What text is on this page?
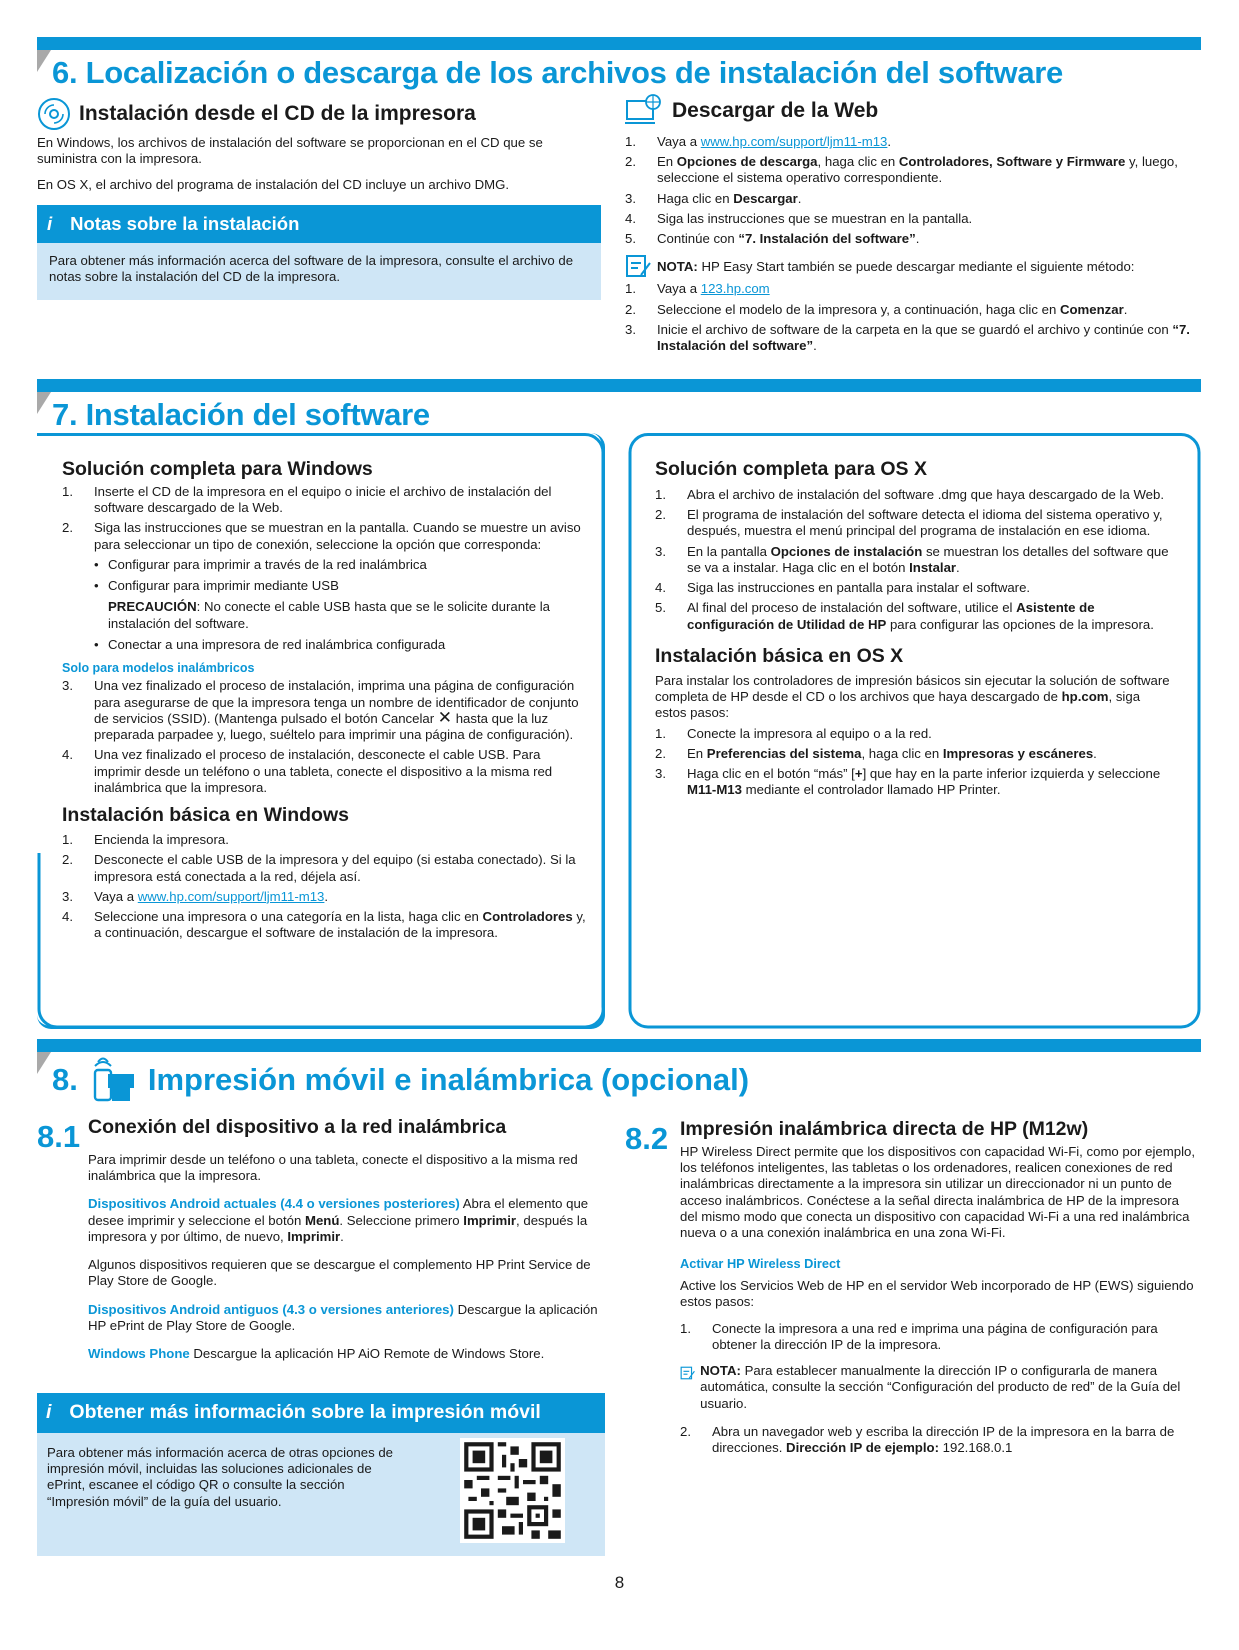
6. Localización o descarga de los archivos de instalación del software
Instalación desde el CD de la impresora

En Windows, los archivos de instalación del software se proporcionan en el CD que se suministra con la impresora.

En OS X, el archivo del programa de instalación del CD incluye un archivo DMG.

i Notas sobre la instalación

Para obtener más información acerca del software de la impresora, consulte el archivo de notas sobre la instalación del CD de la impresora.

Descargar de la Web
1. Vaya a www.hp.com/support/ljm11-m13.
2. En Opciones de descarga, haga clic en Controladores, Software y Firmware y, luego, seleccione el sistema operativo correspondiente.
3. Haga clic en Descargar.
4. Siga las instrucciones que se muestran en la pantalla.
5. Continúe con “7. Instalación del software”.

NOTA: HP Easy Start también se puede descargar mediante el siguiente método:

1. Vaya a 123.hp.com
2. Seleccione el modelo de la impresora y, a continuación, haga clic en Comenzar.
3. Inicie el archivo de software de la carpeta en la que se guardó el archivo y continúe con “7. Instalación del software”.
7. Instalación del software
Solución completa para Windows
1. Inserte el CD de la impresora en el equipo o inicie el archivo de instalación del software descargado de la Web.
2. Siga las instrucciones que se muestran en la pantalla. Cuando se muestre un aviso para seleccionar un tipo de conexión, seleccione la opción que corresponda:
• Configurar para imprimir a través de la red inalámbrica
• Configurar para imprimir mediante USB

PRECAUCIÓN: No conecte el cable USB hasta que se le solicite durante la instalación del software.

• Conectar a una impresora de red inalámbrica configurada

Solo para modelos inalámbricos

3. Una vez finalizado el proceso de instalación, imprima una página de configuración para asegurarse de que la impresora tenga un nombre de identificador de conjunto de servicios (SSID). (Mantenga pulsado el botón Cancelar ✕ hasta que la luz preparada parpadee y, luego, suéltelo para imprimir una página de configuración).
4. Una vez finalizado el proceso de instalación, desconecte el cable USB. Para imprimir desde un teléfono o una tableta, conecte el dispositivo a la misma red inalámbrica que la impresora.
Instalación básica en Windows
1. Encienda la impresora.
2. Desconecte el cable USB de la impresora y del equipo (si estaba conectado). Si la impresora está conectada a la red, déjela así.
3. Vaya a www.hp.com/support/ljm11-m13.
4. Seleccione una impresora o una categoría en la lista, haga clic en Controladores y, a continuación, descargue el software de instalación de la impresora.
Solución completa para OS X
1. Abra el archivo de instalación del software .dmg que haya descargado de la Web.
2. El programa de instalación del software detecta el idioma del sistema operativo y, después, muestra el menú principal del programa de instalación en ese idioma.
3. En la pantalla Opciones de instalación se muestran los detalles del software que se va a instalar. Haga clic en el botón Instalar.
4. Siga las instrucciones en pantalla para instalar el software.
5. Al final del proceso de instalación del software, utilice el Asistente de configuración de Utilidad de HP para configurar las opciones de la impresora.
Instalación básica en OS X

Para instalar los controladores de impresión básicos sin ejecutar la solución de software completa de HP desde el CD o los archivos que haya descargado de hp.com, siga estos pasos:

1. Conecte la impresora al equipo o a la red.
2. En Preferencias del sistema, haga clic en Impresoras y escáneres.
3. Haga clic en el botón “más” [+] que hay en la parte inferior izquierda y seleccione M11-M13 mediante el controlador llamado HP Printer.
8. Impresión móvil e inalámbrica (opcional)
8.1 Conexión del dispositivo a la red inalámbrica

Para imprimir desde un teléfono o una tableta, conecte el dispositivo a la misma red inalámbrica que la impresora.

Dispositivos Android actuales (4.4 o versiones posteriores) Abra el elemento que desee imprimir y seleccione el botón Menú. Seleccione primero Imprimir, después la impresora y por último, de nuevo, Imprimir.

Algunos dispositivos requieren que se descargue el complemento HP Print Service de Play Store de Google.

Dispositivos Android antiguos (4.3 o versiones anteriores) Descargue la aplicación HP ePrint de Play Store de Google.

Windows Phone Descargue la aplicación HP AiO Remote de Windows Store.

i Obtener más información sobre la impresión móvil

Para obtener más información acerca de otras opciones de impresión móvil, incluidas las soluciones adicionales de ePrint, escanee el código QR o consulte la sección “Impresión móvil” de la guía del usuario.

8.2 Impresión inalámbrica directa de HP (M12w)

HP Wireless Direct permite que los dispositivos con capacidad Wi-Fi, como por ejemplo, los teléfonos inteligentes, las tabletas o los ordenadores, realicen conexiones de red inalámbricas directamente a la impresora sin utilizar un direccionador ni un punto de acceso inalámbricos. Conéctese a la señal directa inalámbrica de HP de la impresora del mismo modo que conecta un dispositivo con capacidad Wi-Fi a una red inalámbrica nueva o a una conexión inalámbrica en una zona Wi-Fi.

Activar HP Wireless Direct

Active los Servicios Web de HP en el servidor Web incorporado de HP (EWS) siguiendo estos pasos:

1. Conecte la impresora a una red e imprima una página de configuración para obtener la dirección IP de la impresora.

NOTA: Para establecer manualmente la dirección IP o configurarla de manera automática, consulte la sección “Configuración del producto de red” de la Guía del usuario.

2. Abra un navegador web y escriba la dirección IP de la impresora en la barra de direcciones. Dirección IP de ejemplo: 192.168.0.1
8
